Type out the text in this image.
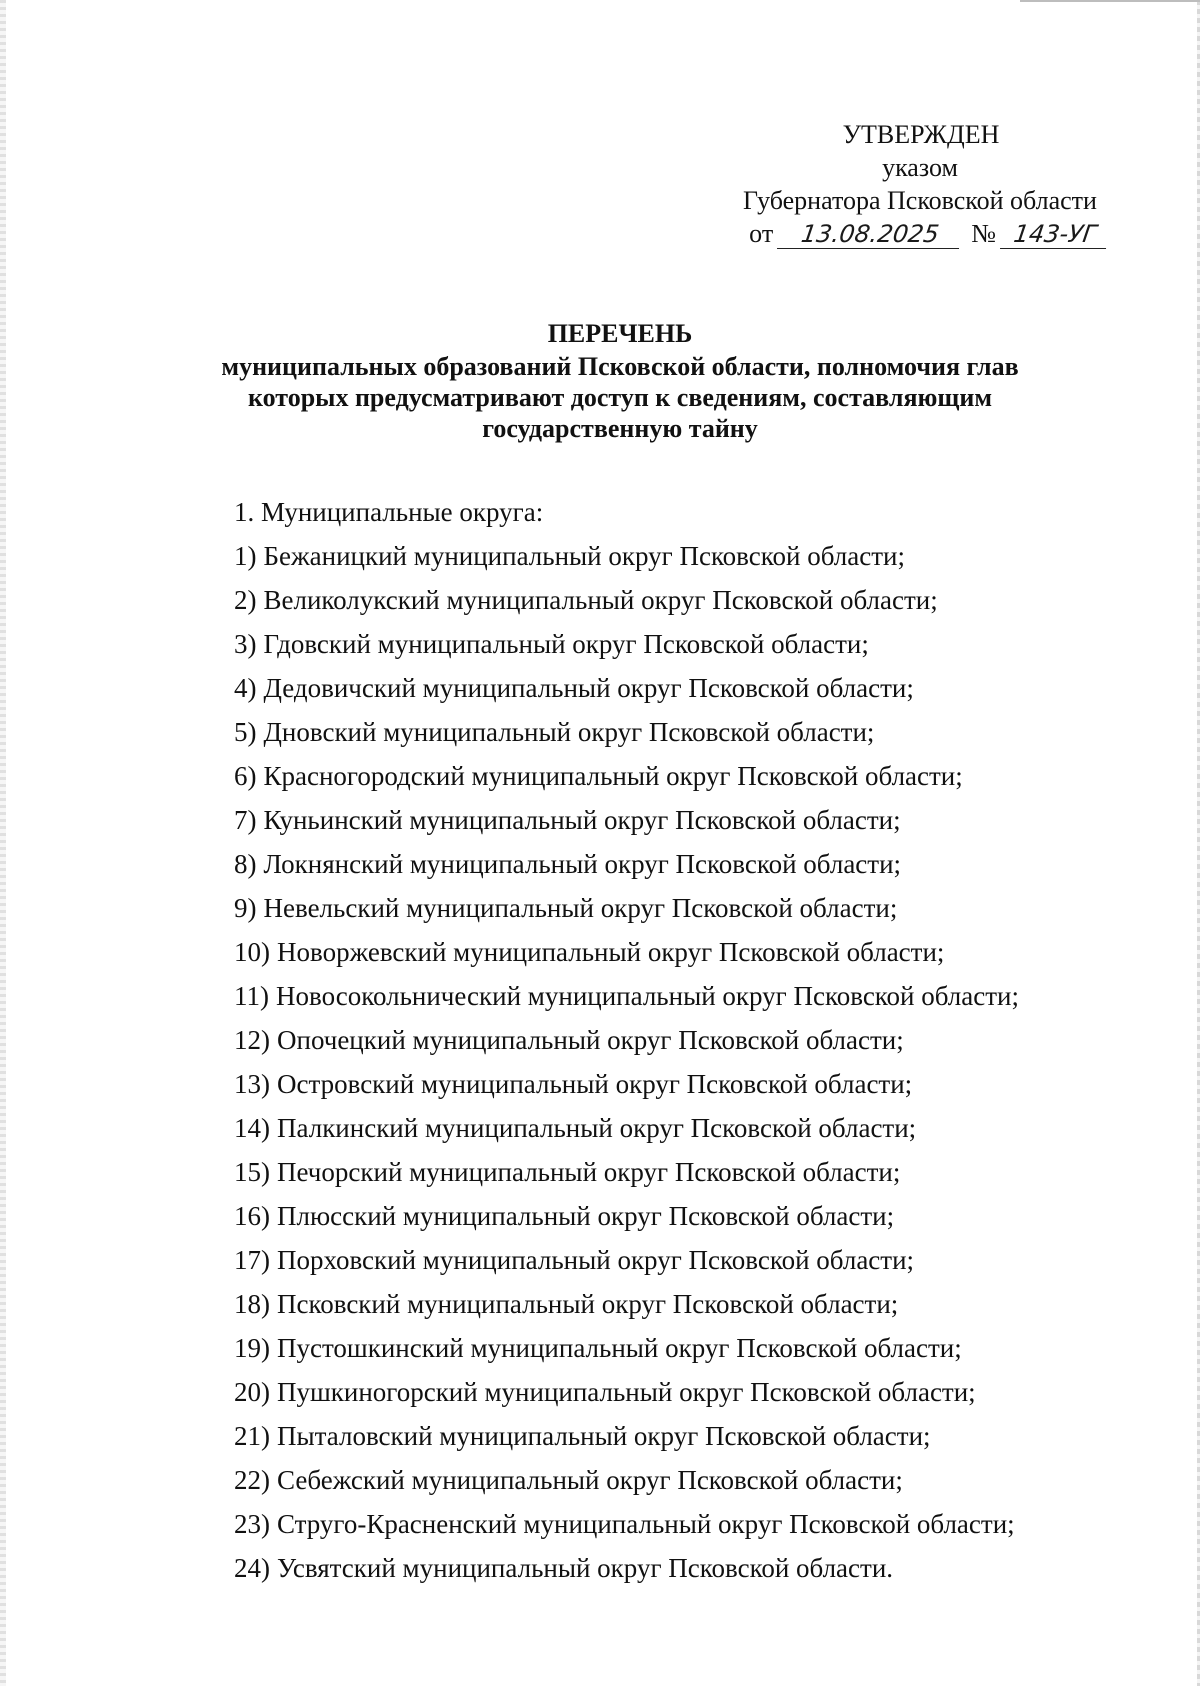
УТВЕРЖДЕН
указом
Губернатора Псковской области
от 13.08.2025 № 143-УГ
ПЕРЕЧЕНЬ
муниципальных образований Псковской области, полномочия глав
которых предусматривают доступ к сведениям, составляющим
государственную тайну
1. Муниципальные округа:
1) Бежаницкий муниципальный округ Псковской области;
2) Великолукский муниципальный округ Псковской области;
3) Гдовский муниципальный округ Псковской области;
4) Дедовичский муниципальный округ Псковской области;
5) Дновский муниципальный округ Псковской области;
6) Красногородский муниципальный округ Псковской области;
7) Куньинский муниципальный округ Псковской области;
8) Локнянский муниципальный округ Псковской области;
9) Невельский муниципальный округ Псковской области;
10) Новоржевский муниципальный округ Псковской области;
11) Новосокольнический муниципальный округ Псковской области;
12) Опочецкий муниципальный округ Псковской области;
13) Островский муниципальный округ Псковской области;
14) Палкинский муниципальный округ Псковской области;
15) Печорский муниципальный округ Псковской области;
16) Плюсский муниципальный округ Псковской области;
17) Порховский муниципальный округ Псковской области;
18) Псковский муниципальный округ Псковской области;
19) Пустошкинский муниципальный округ Псковской области;
20) Пушкиногорский муниципальный округ Псковской области;
21) Пыталовский муниципальный округ Псковской области;
22) Себежский муниципальный округ Псковской области;
23) Струго-Красненский муниципальный округ Псковской области;
24) Усвятский муниципальный округ Псковской области.
